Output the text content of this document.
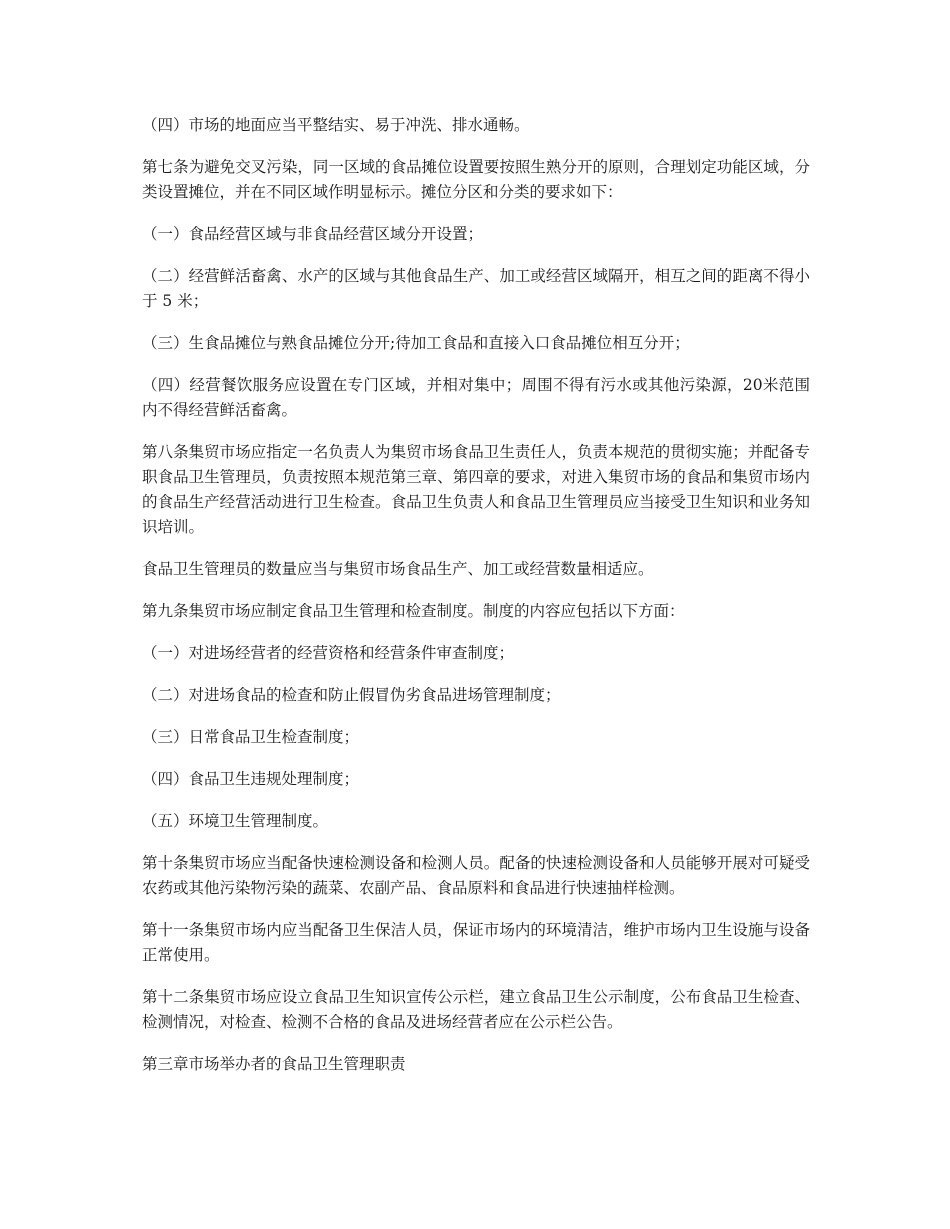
（四）市场的地面应当平整结实、易于冲洗、排水通畅。

第七条为避免交叉污染，同一区域的食品摊位设置要按照生熟分开的原则，合理划定功能区域，分类设置摊位，并在不同区域作明显标示。摊位分区和分类的要求如下：

（一）食品经营区域与非食品经营区域分开设置；

（二）经营鲜活畜禽、水产的区域与其他食品生产、加工或经营区域隔开，相互之间的距离不得小于 5 米；

（三）生食品摊位与熟食品摊位分开;待加工食品和直接入口食品摊位相互分开；

（四）经营餐饮服务应设置在专门区域，并相对集中；周围不得有污水或其他污染源，20米范围内不得经营鲜活畜禽。

第八条集贸市场应指定一名负责人为集贸市场食品卫生责任人，负责本规范的贯彻实施；并配备专职食品卫生管理员，负责按照本规范第三章、第四章的要求，对进入集贸市场的食品和集贸市场内的食品生产经营活动进行卫生检查。食品卫生负责人和食品卫生管理员应当接受卫生知识和业务知识培训。

食品卫生管理员的数量应当与集贸市场食品生产、加工或经营数量相适应。

第九条集贸市场应制定食品卫生管理和检查制度。制度的内容应包括以下方面：

（一）对进场经营者的经营资格和经营条件审查制度；

（二）对进场食品的检查和防止假冒伪劣食品进场管理制度；

（三）日常食品卫生检查制度；

（四）食品卫生违规处理制度；

（五）环境卫生管理制度。

第十条集贸市场应当配备快速检测设备和检测人员。配备的快速检测设备和人员能够开展对可疑受农药或其他污染物污染的蔬菜、农副产品、食品原料和食品进行快速抽样检测。

第十一条集贸市场内应当配备卫生保洁人员，保证市场内的环境清洁，维护市场内卫生设施与设备正常使用。

第十二条集贸市场应设立食品卫生知识宣传公示栏，建立食品卫生公示制度，公布食品卫生检查、检测情况，对检查、检测不合格的食品及进场经营者应在公示栏公告。

第三章市场举办者的食品卫生管理职责
